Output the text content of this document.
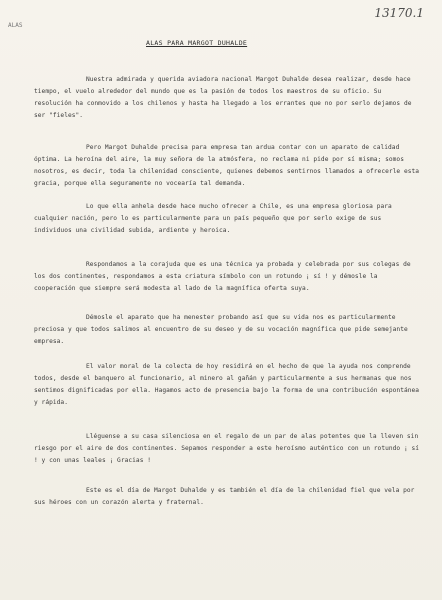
13170.1
ALAS
ALAS PARA MARGOT DUHALDE

Nuestra admirada y querida aviadora nacional Margot Duhalde desea realizar, desde hace tiempo, el vuelo alrededor del mundo que es la pasión de todos los maestros de su oficio. Su resolución ha conmovido a los chilenos y hasta ha llegado a los errantes que no por serlo dejamos de ser "fieles".

Pero Margot Duhalde precisa para empresa tan ardua contar con un aparato de calidad óptima. La heroína del aire, la muy señora de la atmósfera, no reclama ni pide por sí misma; somos nosotros, es decir, toda la chilenidad consciente, quienes debemos sentirnos llamados a ofrecerle esta gracia, porque ella seguramente no vocearía tal demanda.

Lo que ella anhela desde hace mucho ofrecer a Chile, es una empresa gloriosa para cualquier nación, pero lo es particularmente para un país pequeño que por serlo exige de sus individuos una civilidad subida, ardiente y heroica.

Respondamos a la corajuda que es una técnica ya probada y celebrada por sus colegas de los dos continentes, respondamos a esta criatura símbolo con un rotundo ¡ sí ! y démosle la cooperación que siempre será modesta al lado de la magnífica oferta suya.

Démosle el aparato que ha menester probando así que su vida nos es particularmente preciosa y que todos salimos al encuentro de su deseo y de su vocación magnífica que pide semejante empresa.

El valor moral de la colecta de hoy residirá en el hecho de que la ayuda nos comprende todos, desde el banquero al funcionario, al minero al gañán y particularmente a sus hermanas que nos sentimos dignificadas por ella. Hagamos acto de presencia bajo la forma de una contribución espontánea y rápida.

Lléguense a su casa silenciosa en el regalo de un par de alas potentes que la lleven sin riesgo por el aire de dos continentes. Sepamos responder a este heroísmo auténtico con un rotundo ¡ sí ! y con unas leales ¡ Gracias !

Este es el día de Margot Duhalde y es también el día de la chilenidad fiel que vela por sus héroes con un corazón alerta y fraternal.
